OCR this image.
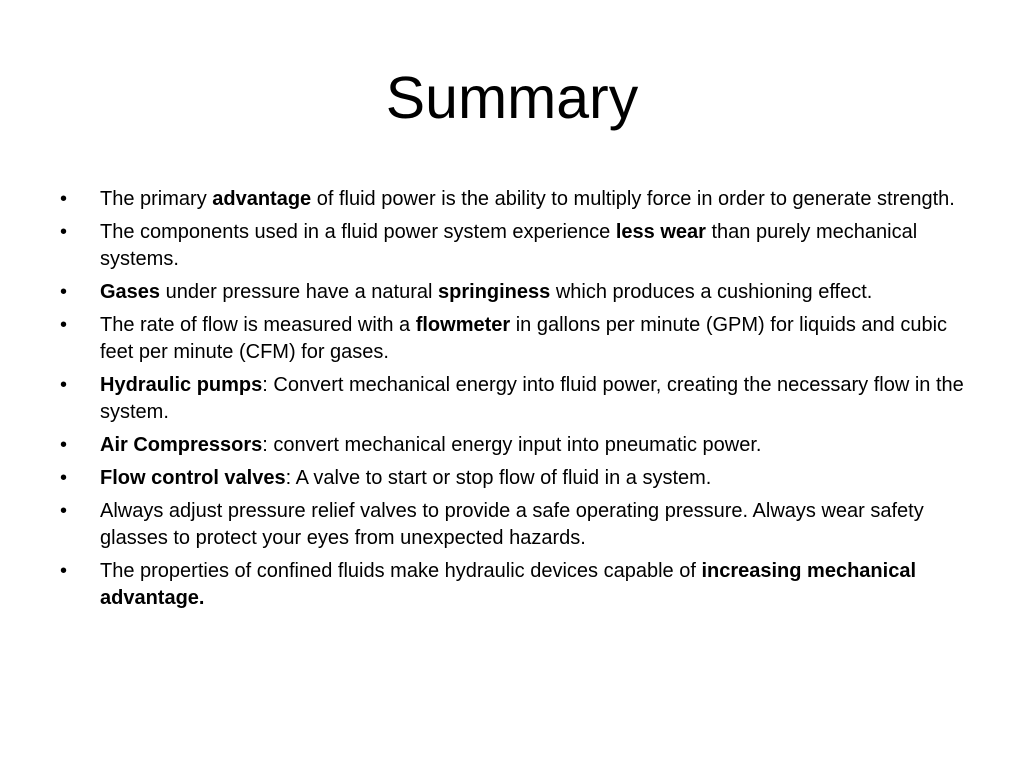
Summary
•	The primary advantage of fluid power is the ability to multiply force in order to generate strength.
•	The components used in a fluid power system experience less wear than purely mechanical systems.
•	Gases under pressure have a natural springiness which produces a cushioning effect.
•	The rate of flow is measured with a flowmeter in gallons per minute (GPM) for liquids and cubic feet per minute (CFM) for gases.
•	Hydraulic pumps: Convert mechanical energy into fluid power, creating the necessary flow in the system.
•	Air Compressors: convert mechanical energy input into pneumatic power.
•	Flow control valves: A valve to start or stop flow of fluid in a system.
•	Always adjust pressure relief valves to provide a safe operating pressure. Always wear safety glasses to protect your eyes from unexpected hazards.
•	The properties of confined fluids make hydraulic devices capable of increasing mechanical advantage.
